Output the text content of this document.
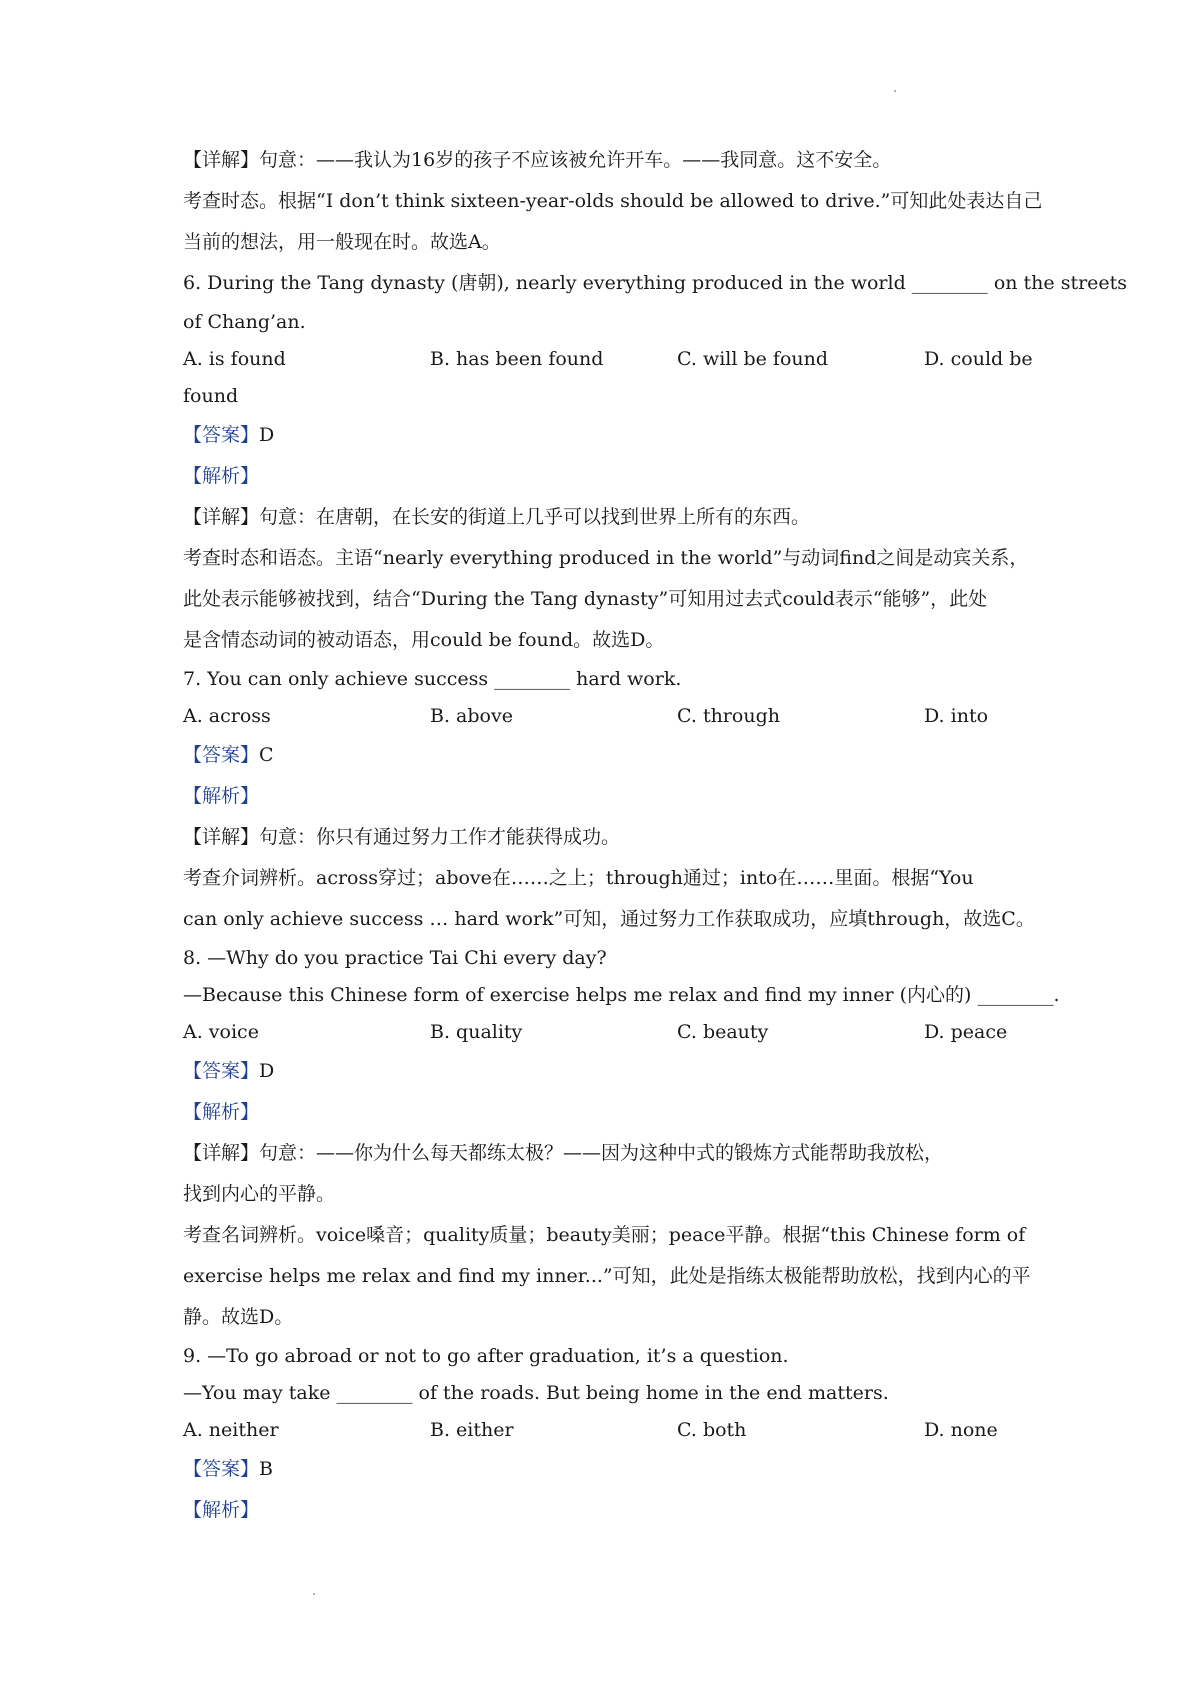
【详解】句意：——我认为16岁的孩子不应该被允许开车。——我同意。这不安全。

考查时态。根据“I don’t think sixteen-year-olds should be allowed to drive.”可知此处表达自己

当前的想法，用一般现在时。故选A。

6. During the Tang dynasty (唐朝), nearly everything produced in the world ________ on the streets

of Chang’an.

A. is found	B. has been found	C. will be found	D. could be

found

【答案】D

【解析】

【详解】句意：在唐朝，在长安的街道上几乎可以找到世界上所有的东西。

考查时态和语态。主语“nearly everything produced in the world”与动词find之间是动宾关系，

此处表示能够被找到，结合“During the Tang dynasty”可知用过去式could表示“能够”，此处

是含情态动词的被动语态，用could be found。故选D。

7. You can only achieve success ________ hard work.

A. across	B. above	C. through	D. into

【答案】C

【解析】

【详解】句意：你只有通过努力工作才能获得成功。

考查介词辨析。across穿过；above在……之上；through通过；into在……里面。根据“You

can only achieve success … hard work”可知，通过努力工作获取成功，应填through，故选C。

8. —Why do you practice Tai Chi every day?

—Because this Chinese form of exercise helps me relax and find my inner (内心的) ________.

A. voice	B. quality	C. beauty	D. peace

【答案】D

【解析】

【详解】句意：——你为什么每天都练太极？——因为这种中式的锻炼方式能帮助我放松，

找到内心的平静。

考查名词辨析。voice嗓音；quality质量；beauty美丽；peace平静。根据“this Chinese form of

exercise helps me relax and find my inner...”可知，此处是指练太极能帮助放松，找到内心的平

静。故选D。

9. —To go abroad or not to go after graduation, it’s a question.

—You may take ________ of the roads. But being home in the end matters.

A. neither	B. either	C. both	D. none

【答案】B

【解析】
